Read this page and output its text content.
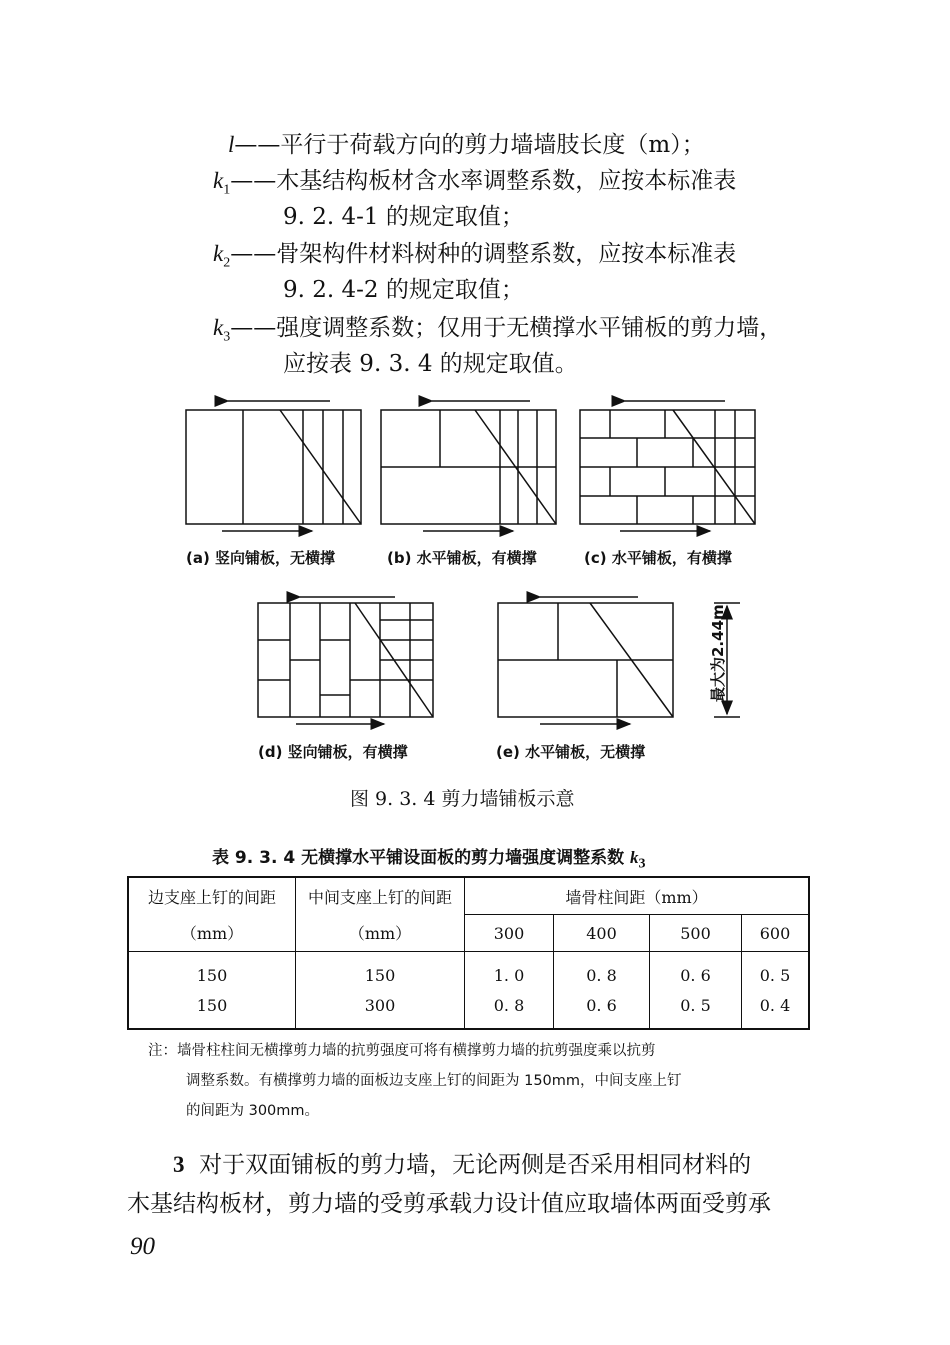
l——平行于荷载方向的剪力墙墙肢长度（m）；
$k_1——$木基结构板材含水率调整系数，应按本标准表
9. 2. 4-1 的规定取值；
$k_2——$骨架构件材料树种的调整系数，应按本标准表
9. 2. 4-2 的规定取值；
$k_3——$强度调整系数；仅用于无横撑水平铺板的剪力墙，
应按表 9. 3. 4 的规定取值。
最大为2.44m
(a) 竖向铺板，无横撑	(b) 水平铺板，有横撑	(c) 水平铺板，有横撑
(d) 竖向铺板，有横撑	(e) 水平铺板，无横撑
图 9. 3. 4 剪力墙铺板示意
表 9. 3. 4 无横撑水平铺设面板的剪力墙强度调整系数 $k_3$
边支座上钉的间距	中间支座上钉的间距	墙骨柱间距（mm）			
（mm）	（mm）	300	400	500	600
150	150	1. 0	0. 8	0. 6	0. 5
150	300	0. 8	0. 6	0. 5	0. 4
注：墙骨柱柱间无横撑剪力墙的抗剪强度可将有横撑剪力墙的抗剪强度乘以抗剪
调整系数。有横撑剪力墙的面板边支座上钉的间距为 150mm，中间支座上钉
的间距为 300mm。
3 对于双面铺板的剪力墙，无论两侧是否采用相同材料的
木基结构板材，剪力墙的受剪承载力设计值应取墙体两面受剪承
90
